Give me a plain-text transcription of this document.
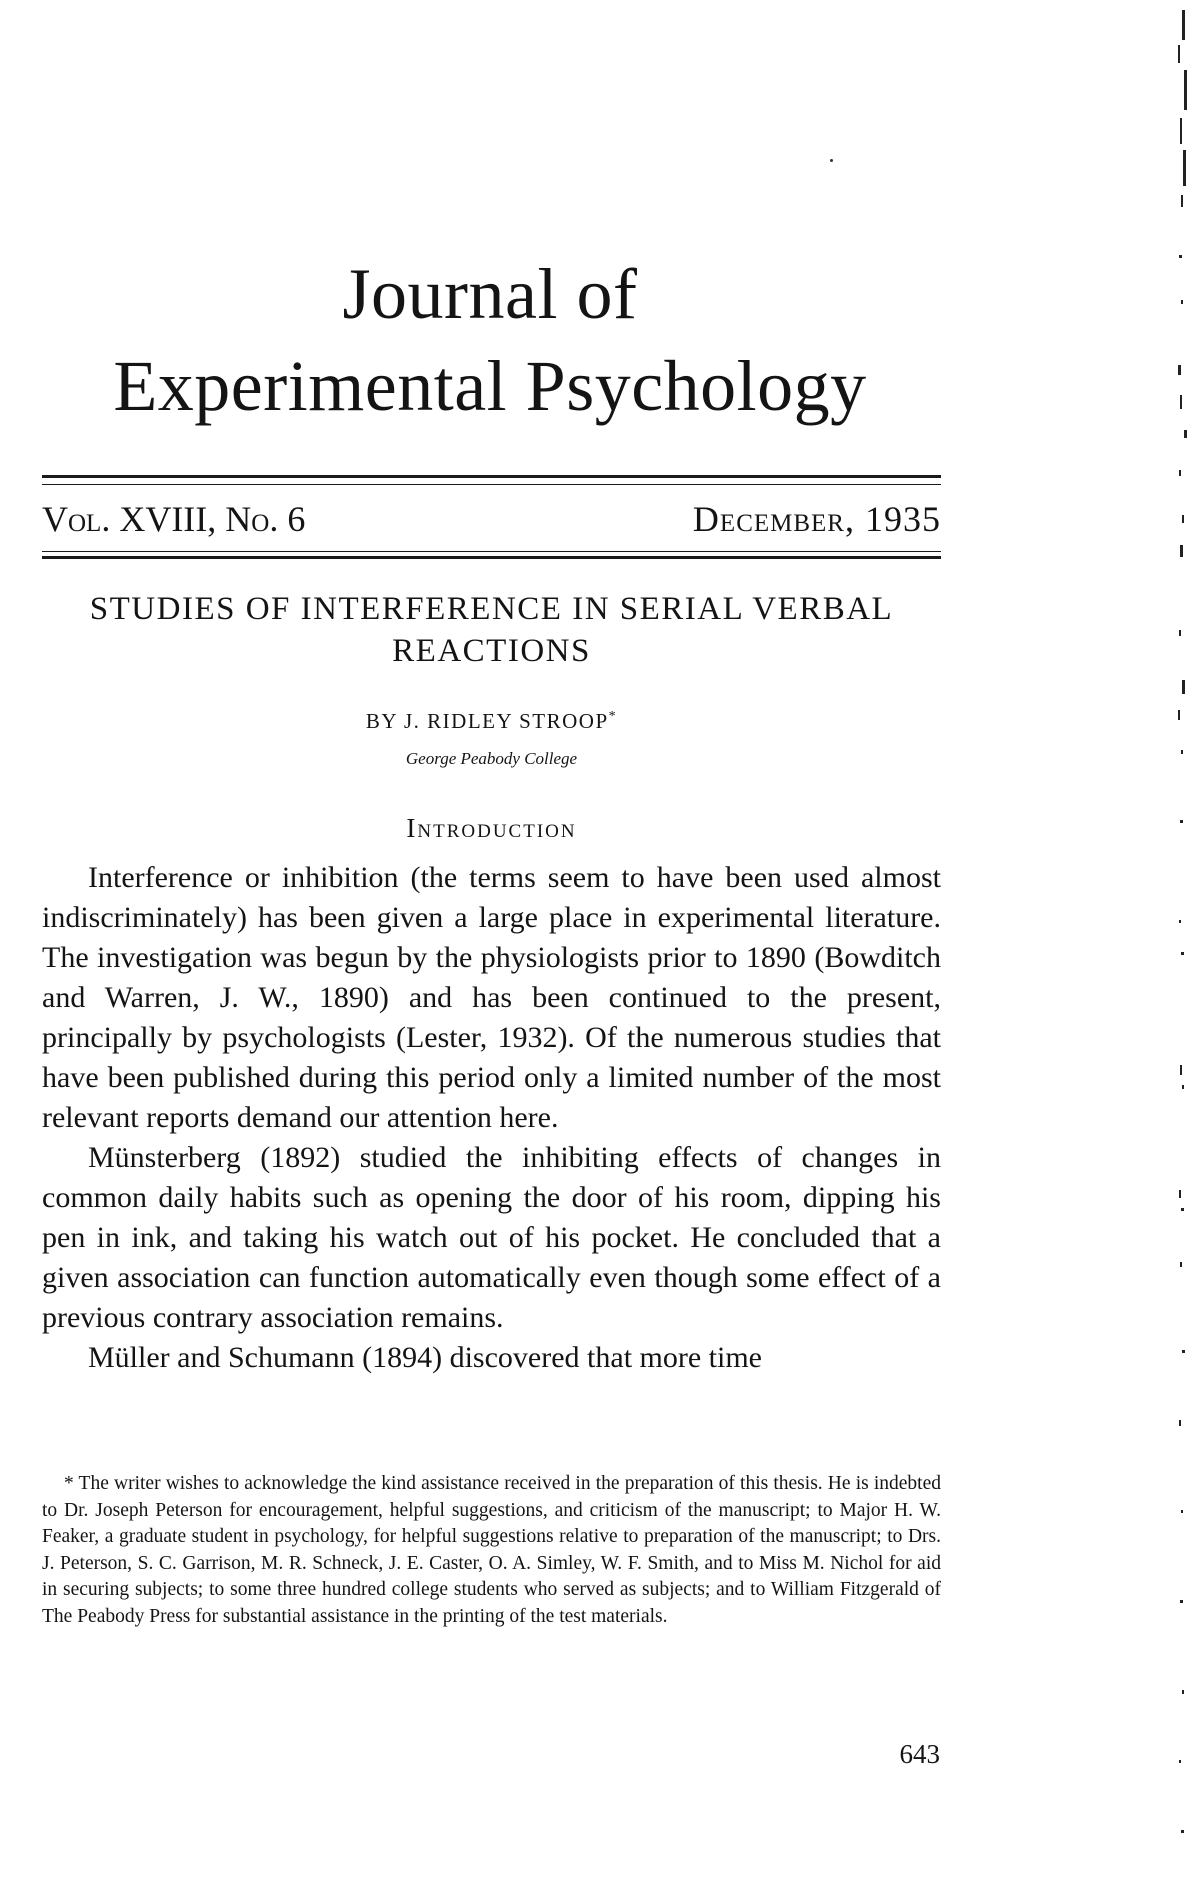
Journal of
Experimental Psychology
Vol. XVIII, No. 6	December, 1935
STUDIES OF INTERFERENCE IN SERIAL VERBAL REACTIONS
BY J. RIDLEY STROOP*
George Peabody College
Introduction

Interference or inhibition (the terms seem to have been used almost indiscriminately) has been given a large place in experimental literature. The investigation was begun by the physiologists prior to 1890 (Bowditch and Warren, J. W., 1890) and has been continued to the present, principally by psychologists (Lester, 1932). Of the numerous studies that have been published during this period only a limited number of the most relevant reports demand our attention here.

Münsterberg (1892) studied the inhibiting effects of changes in common daily habits such as opening the door of his room, dipping his pen in ink, and taking his watch out of his pocket. He concluded that a given association can function automatically even though some effect of a previous contrary association remains.

Müller and Schumann (1894) discovered that more time

* The writer wishes to acknowledge the kind assistance received in the preparation of this thesis. He is indebted to Dr. Joseph Peterson for encouragement, helpful suggestions, and criticism of the manuscript; to Major H. W. Feaker, a graduate student in psychology, for helpful suggestions relative to preparation of the manuscript; to Drs. J. Peterson, S. C. Garrison, M. R. Schneck, J. E. Caster, O. A. Simley, W. F. Smith, and to Miss M. Nichol for aid in securing subjects; to some three hundred college students who served as subjects; and to William Fitzgerald of The Peabody Press for substantial assistance in the printing of the test materials.

643
